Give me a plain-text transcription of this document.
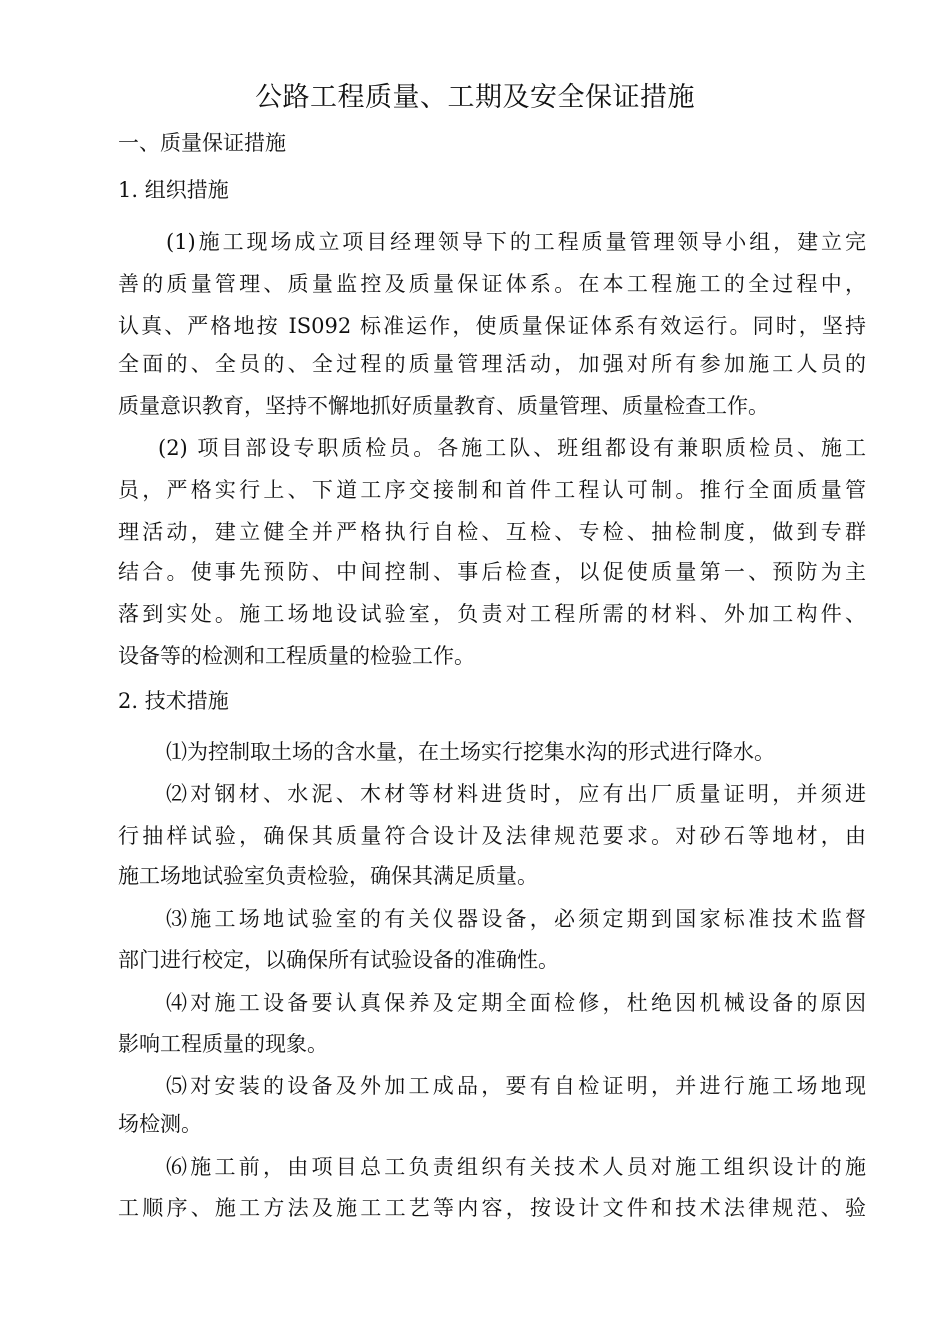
公路工程质量、工期及安全保证措施
一、质量保证措施
1. 组织措施
(1)施工现场成立项目经理领导下的工程质量管理领导小组，建立完
善的质量管理、质量监控及质量保证体系。在本工程施工的全过程中，
认真、严格地按 IS092 标准运作，使质量保证体系有效运行。同时，坚持
全面的、全员的、全过程的质量管理活动，加强对所有参加施工人员的
质量意识教育，坚持不懈地抓好质量教育、质量管理、质量检查工作。
(2) 项目部设专职质检员。各施工队、班组都设有兼职质检员、施工
员，严格实行上、下道工序交接制和首件工程认可制。推行全面质量管
理活动，建立健全并严格执行自检、互检、专检、抽检制度，做到专群
结合。使事先预防、中间控制、事后检查，以促使质量第一、预防为主
落到实处。施工场地设试验室，负责对工程所需的材料、外加工构件、
设备等的检测和工程质量的检验工作。
2. 技术措施
⑴为控制取土场的含水量，在土场实行挖集水沟的形式进行降水。
⑵对钢材、水泥、木材等材料进货时，应有出厂质量证明，并须进
行抽样试验，确保其质量符合设计及法律规范要求。对砂石等地材，由
施工场地试验室负责检验，确保其满足质量。
⑶施工场地试验室的有关仪器设备，必须定期到国家标准技术监督
部门进行校定，以确保所有试验设备的准确性。
⑷对施工设备要认真保养及定期全面检修，杜绝因机械设备的原因
影响工程质量的现象。
⑸对安装的设备及外加工成品，要有自检证明，并进行施工场地现
场检测。
⑹施工前，由项目总工负责组织有关技术人员对施工组织设计的施
工顺序、施工方法及施工工艺等内容，按设计文件和技术法律规范、验
